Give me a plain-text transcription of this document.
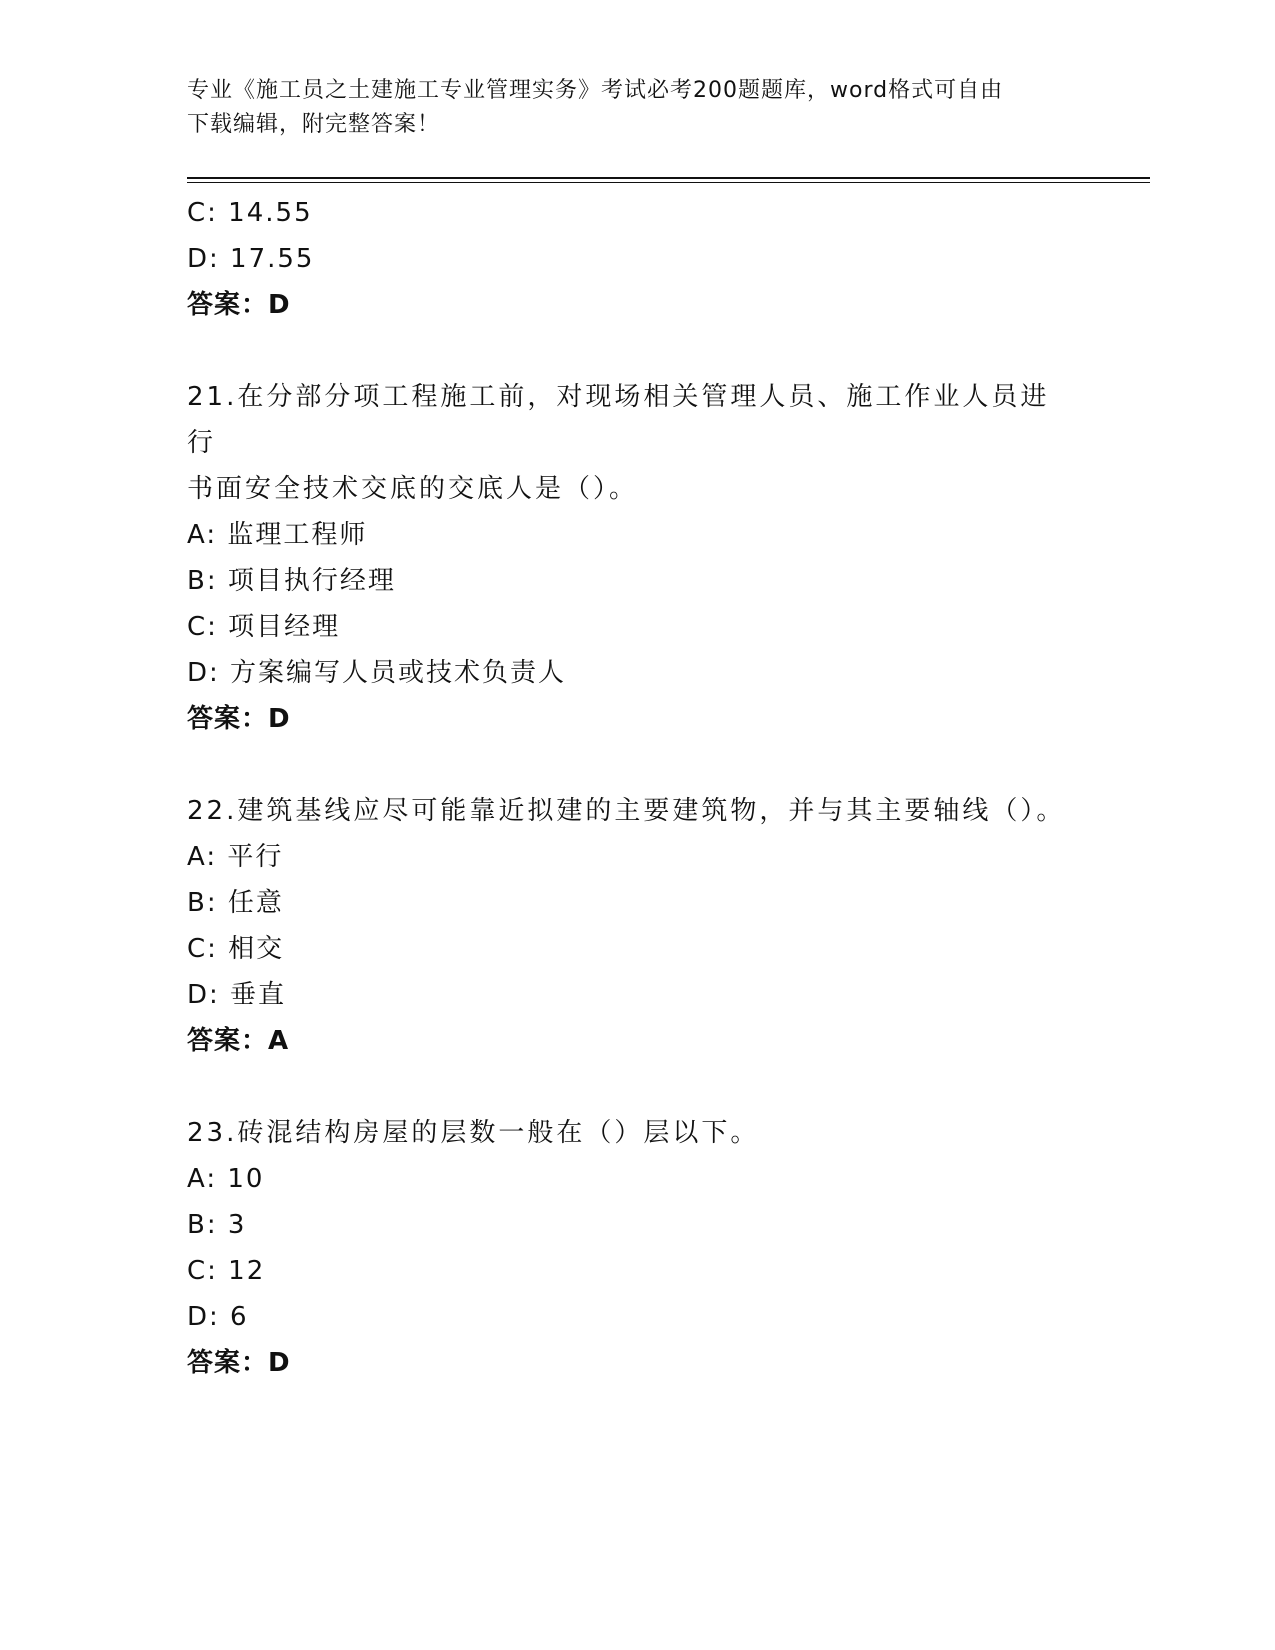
专业《施工员之土建施工专业管理实务》考试必考200题题库，word格式可自由
下载编辑，附完整答案！
C: 14.55
D: 17.55
答案：D
21.在分部分项工程施工前，对现场相关管理人员、施工作业人员进行
书面安全技术交底的交底人是（）。
A: 监理工程师
B: 项目执行经理
C: 项目经理
D: 方案编写人员或技术负责人
答案：D
22.建筑基线应尽可能靠近拟建的主要建筑物，并与其主要轴线（）。
A: 平行
B: 任意
C: 相交
D: 垂直
答案：A
23.砖混结构房屋的层数一般在（）层以下。
A: 10
B: 3
C: 12
D: 6
答案：D
